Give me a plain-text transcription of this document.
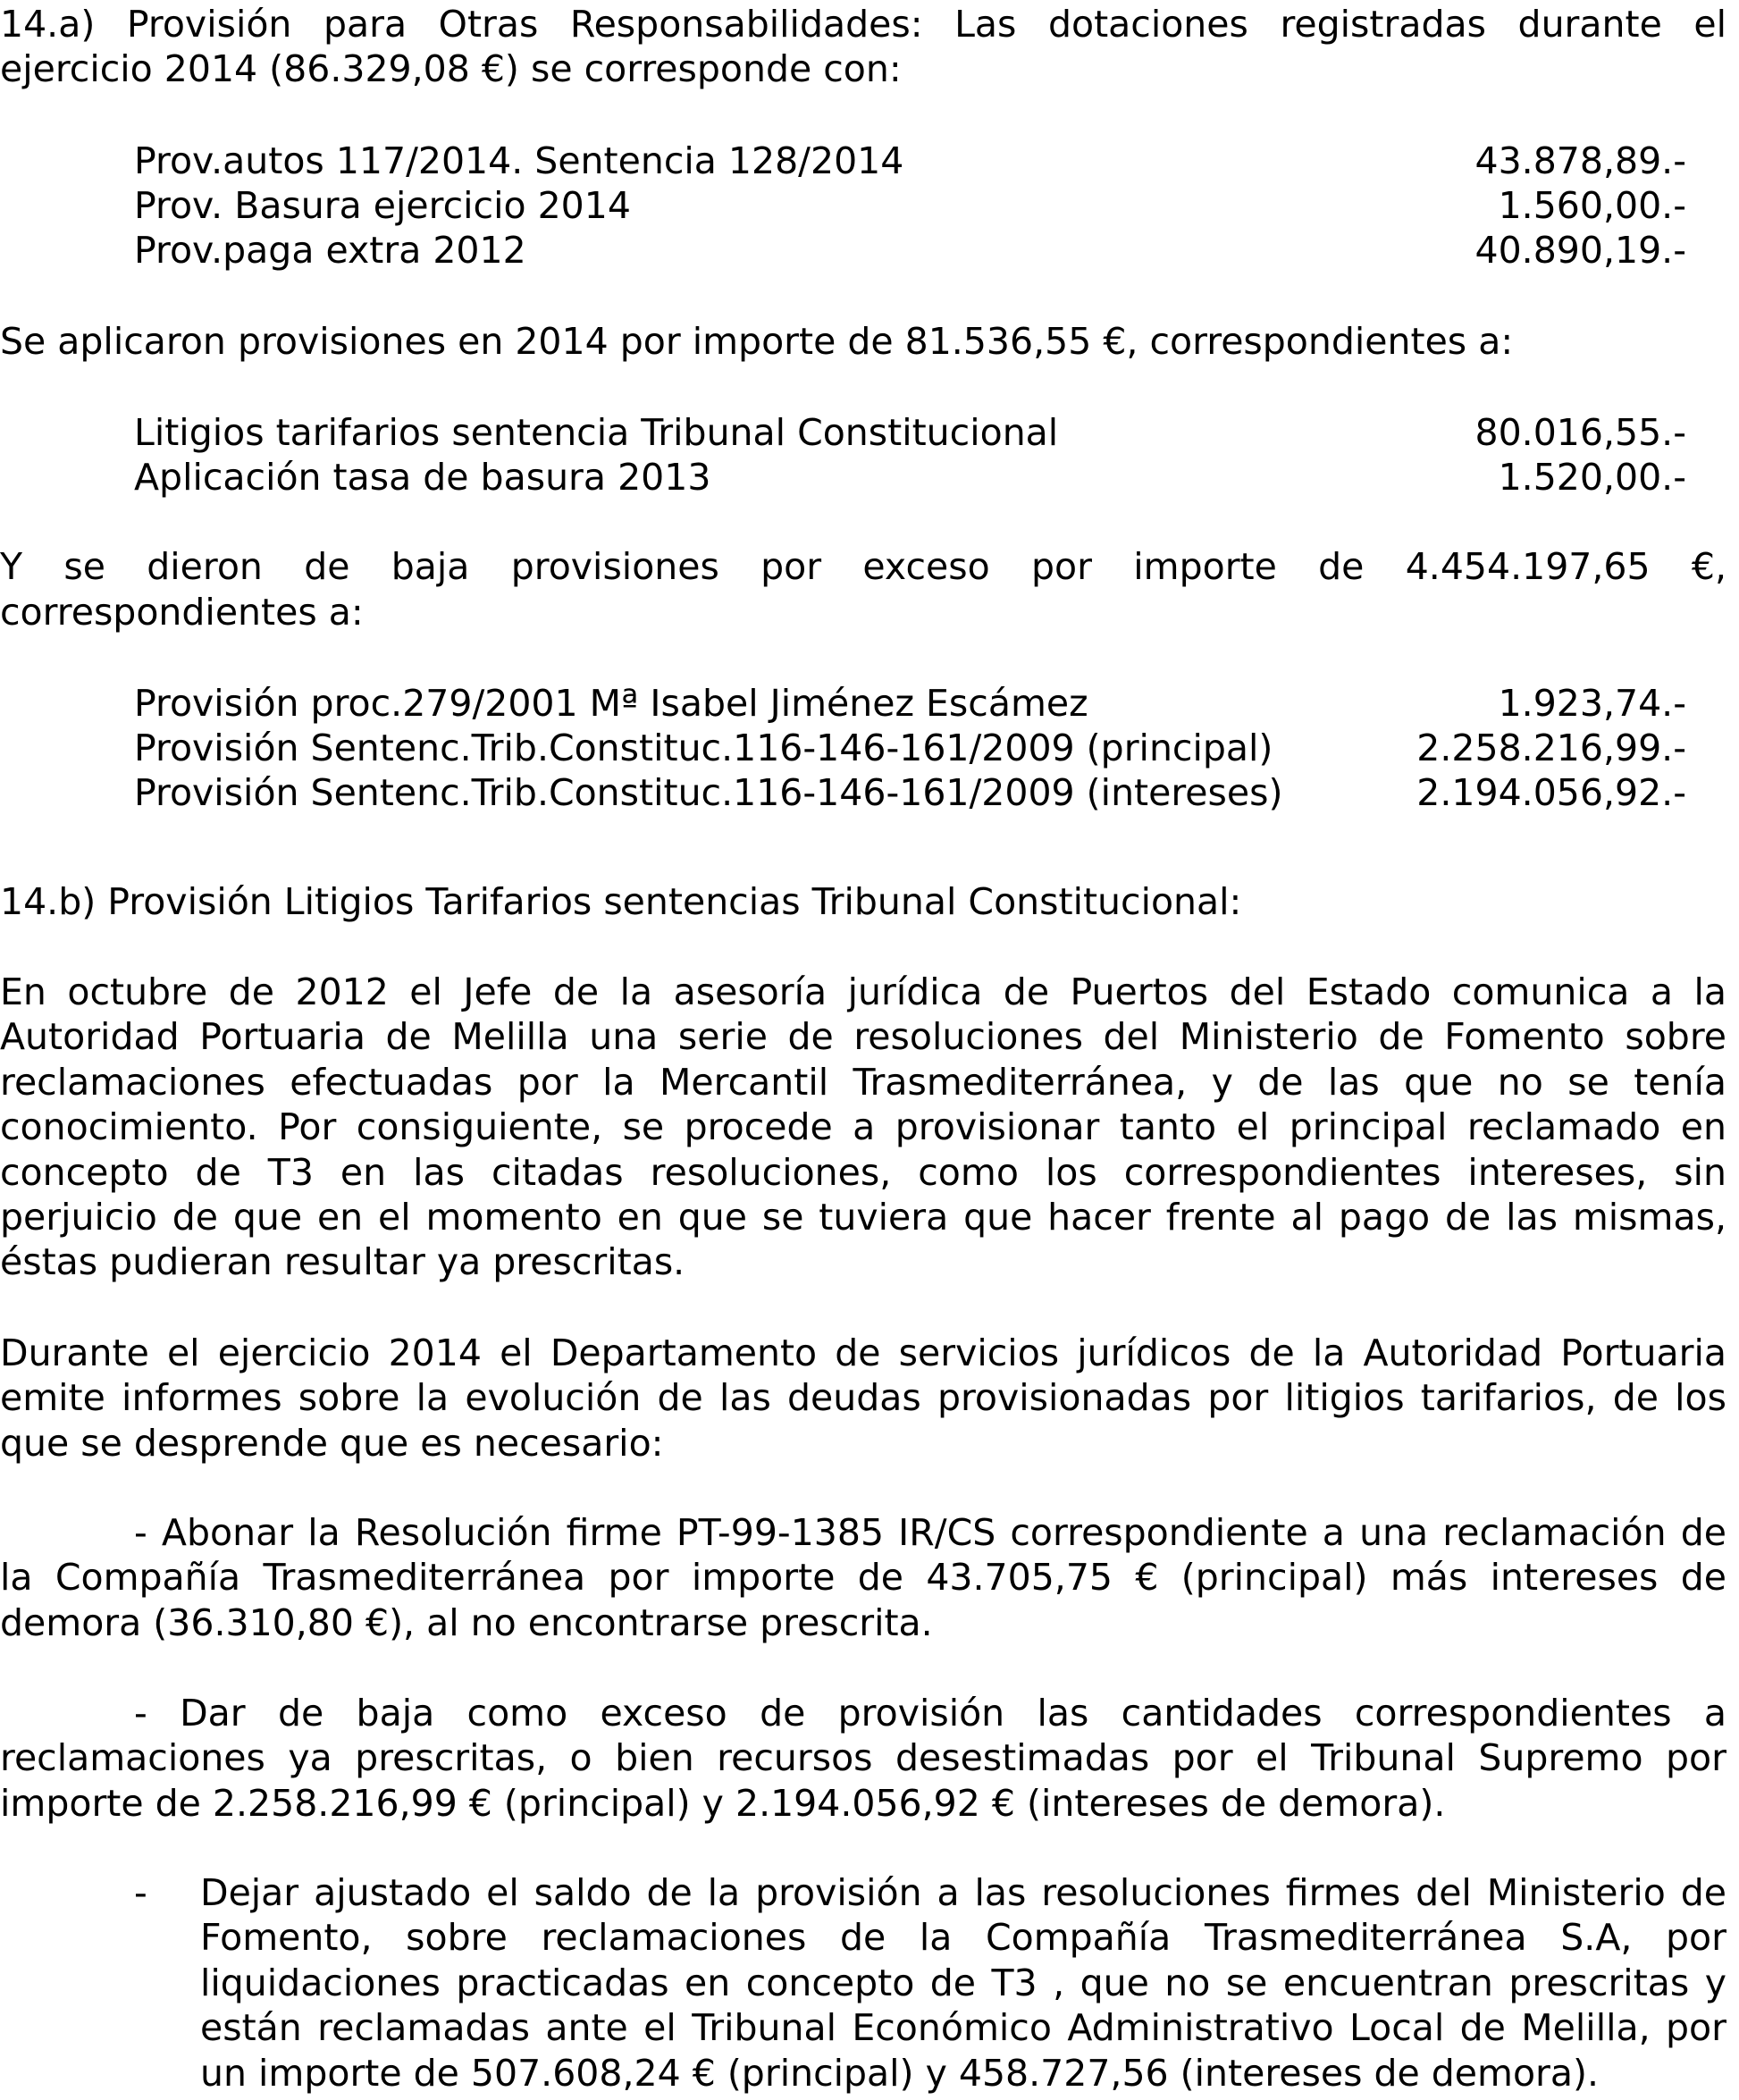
14.a) Provisión para Otras Responsabilidades: Las dotaciones registradas durante el
ejercicio 2014 (86.329,08 €) se corresponde con:
Prov.autos 117/2014. Sentencia 128/2014	43.878,89.-
Prov. Basura ejercicio 2014	1.560,00.-
Prov.paga extra 2012	40.890,19.-
Se aplicaron provisiones en 2014 por importe de 81.536,55 €, correspondientes a:
Litigios tarifarios sentencia Tribunal Constitucional	80.016,55.-
Aplicación tasa de basura 2013	1.520,00.-
Y se dieron de baja provisiones por exceso por importe de 4.454.197,65 €,
correspondientes a:
Provisión proc.279/2001 Mª Isabel Jiménez Escámez	1.923,74.-
Provisión Sentenc.Trib.Constituc.116-146-161/2009 (principal)	2.258.216,99.-
Provisión Sentenc.Trib.Constituc.116-146-161/2009 (intereses)	2.194.056,92.-
14.b) Provisión Litigios Tarifarios sentencias Tribunal Constitucional:
En octubre de 2012 el Jefe de la asesoría jurídica de Puertos del Estado comunica a la Autoridad Portuaria de Melilla una serie de resoluciones del Ministerio de Fomento sobre reclamaciones efectuadas por la Mercantil Trasmediterránea, y de las que no se tenía conocimiento. Por consiguiente, se procede a provisionar tanto el principal reclamado en concepto de T3 en las citadas resoluciones, como los correspondientes intereses, sin perjuicio de que en el momento en que se tuviera que hacer frente al pago de las mismas, éstas pudieran resultar ya prescritas.
Durante el ejercicio 2014 el Departamento de servicios jurídicos de la Autoridad Portuaria emite informes sobre la evolución de las deudas provisionadas por litigios tarifarios, de los que se desprende que es necesario:
- Abonar la Resolución firme PT-99-1385 IR/CS correspondiente a una reclamación de la Compañía Trasmediterránea por importe de 43.705,75 € (principal) más intereses de demora (36.310,80 €), al no encontrarse prescrita.
- Dar de baja como exceso de provisión las cantidades correspondientes a reclamaciones ya prescritas, o bien recursos desestimadas por el Tribunal Supremo por importe de 2.258.216,99 € (principal) y 2.194.056,92 € (intereses de demora).
- Dejar ajustado el saldo de la provisión a las resoluciones firmes del Ministerio de Fomento, sobre reclamaciones de la Compañía Trasmediterránea S.A, por liquidaciones practicadas en concepto de T3 , que no se encuentran prescritas y están reclamadas ante el Tribunal Económico Administrativo Local de Melilla, por un importe de 507.608,24 € (principal) y 458.727,56 (intereses de demora).
